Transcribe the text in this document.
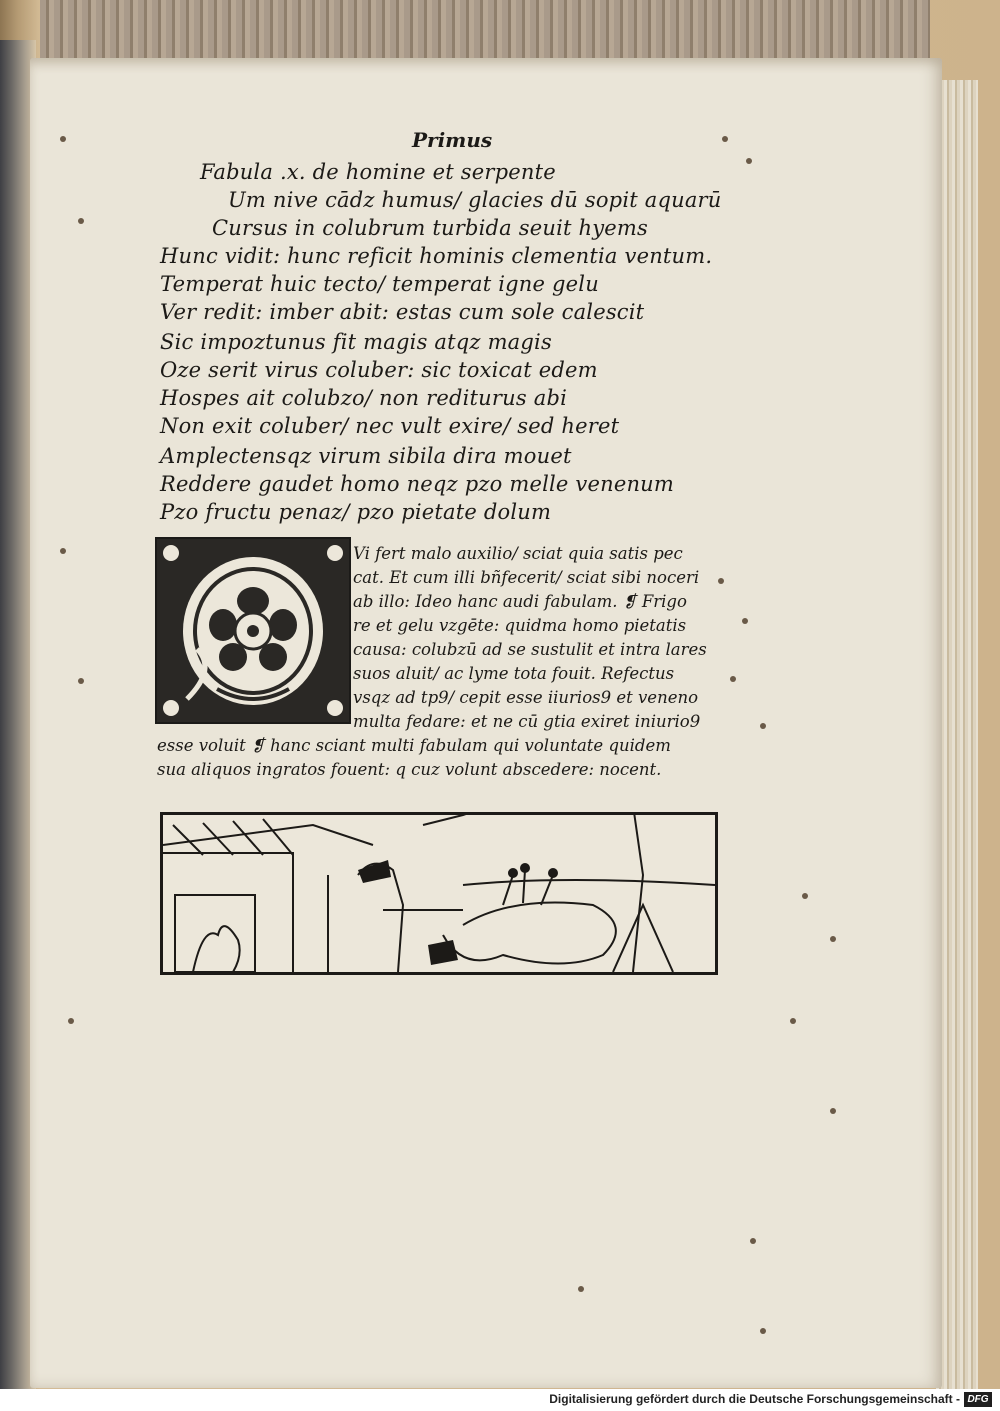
Primus
Fabula .x. de homine et serpente
Um nive cādz humus/ glacies dū sopit aquarū
Cursus in colubrum turbida seuit hyems
Hunc vidit: hunc reficit hominis clementia ventum.
Temperat huic tecto/ temperat igne gelu
Ver redit: imber abit: estas cum sole calescit
Sic impoztunus fit magis atqz magis
Oze serit virus coluber: sic toxicat edem
Hospes ait colubzo/ non rediturus abi
Non exit coluber/ nec vult exire/ sed heret
Amplectensqz virum sibila dira mouet
Reddere gaudet homo neqz pzo melle venenum
Pzo fructu penaz/ pzo pietate dolum
Vi fert malo auxilio/ sciat quia satis pec
cat. Et cum illi bñfecerit/ sciat sibi noceri
ab illo: Ideo hanc audi fabulam. ❡ Frigo
re et gelu vzgēte: quidma homo pietatis
causa: colubzū ad se sustulit et intra lares
suos aluit/ ac lyme tota fouit. Refectus
vsqz ad tp9/ cepit esse iiurios9 et veneno
multa fedare: et ne cū gtia exiret iniurio9
esse voluit ❡ hanc sciant multi fabulam qui voluntate quidem
sua aliquos ingratos fouent: q cuz volunt abscedere: nocent.
Digitalisierung gefördert durch die Deutsche Forschungsgemeinschaft - DFG
